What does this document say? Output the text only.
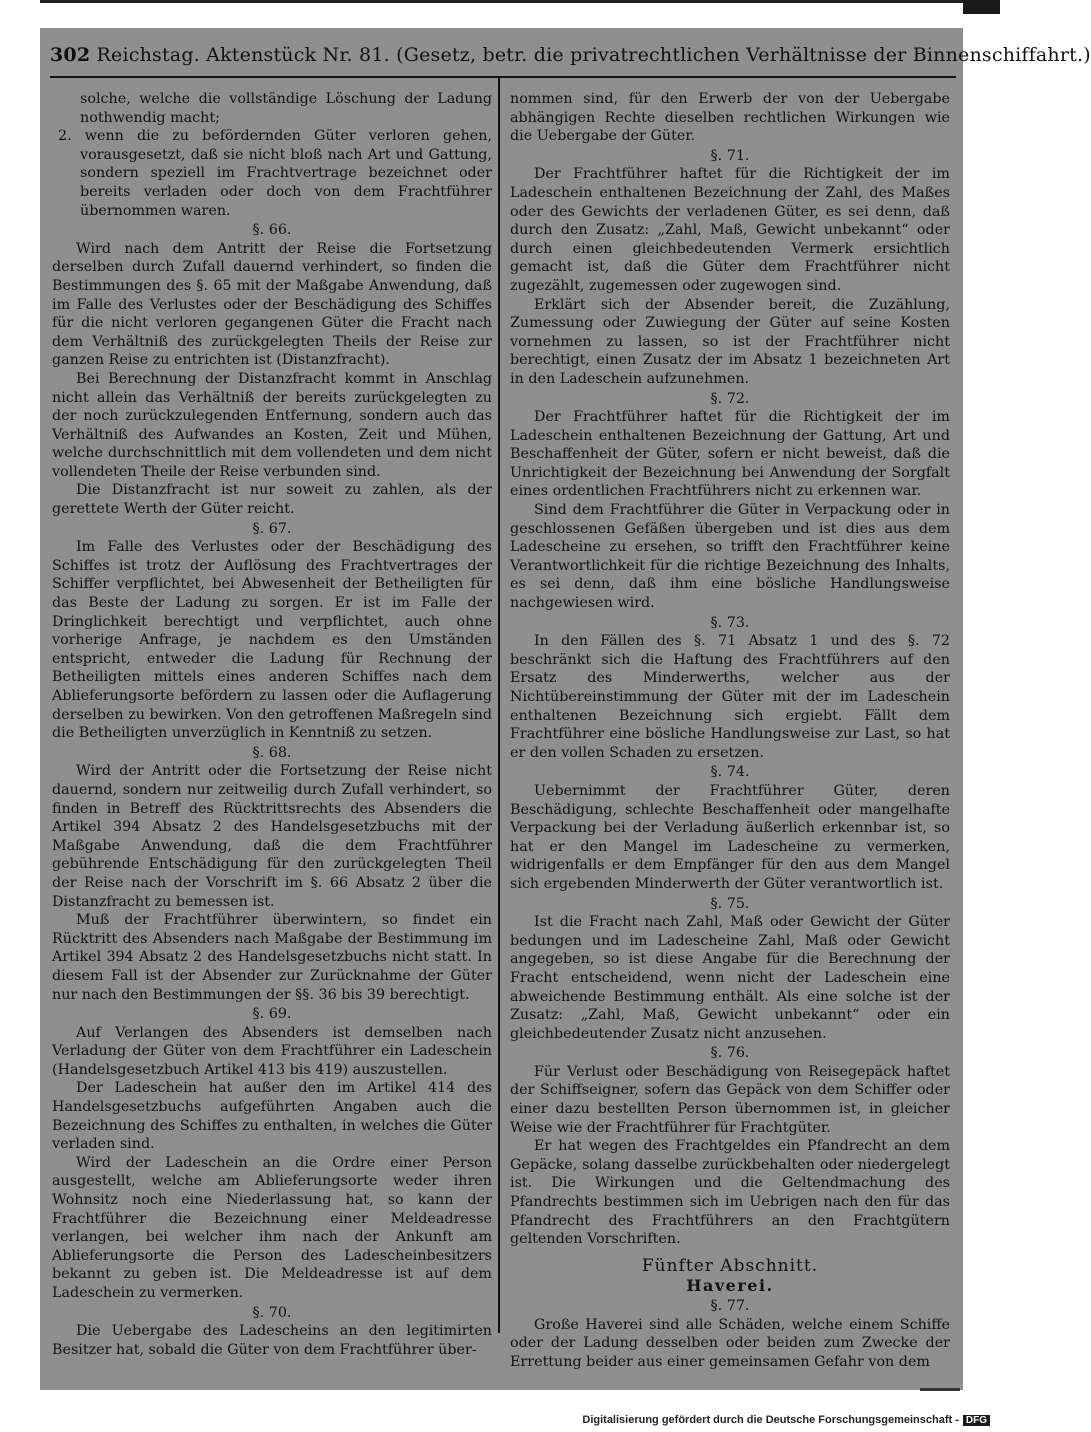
302 Reichstag. Aktenstück Nr. 81. (Gesetz, betr. die privatrechtlichen Verhältnisse der Binnenschiffahrt.)

solche, welche die vollständige Löschung der Ladung nothwendig macht;

2. wenn die zu befördernden Güter verloren gehen, vorausgesetzt, daß sie nicht bloß nach Art und Gattung, sondern speziell im Frachtvertrage bezeichnet oder bereits verladen oder doch von dem Frachtführer übernommen waren.

§. 66.

Wird nach dem Antritt der Reise die Fortsetzung derselben durch Zufall dauernd verhindert, so finden die Bestimmungen des §. 65 mit der Maßgabe Anwendung, daß im Falle des Verlustes oder der Beschädigung des Schiffes für die nicht verloren gegangenen Güter die Fracht nach dem Verhältniß des zurückgelegten Theils der Reise zur ganzen Reise zu entrichten ist (Distanzfracht).

Bei Berechnung der Distanzfracht kommt in Anschlag nicht allein das Verhältniß der bereits zurückgelegten zu der noch zurückzulegenden Entfernung, sondern auch das Verhältniß des Aufwandes an Kosten, Zeit und Mühen, welche durchschnittlich mit dem vollendeten und dem nicht vollendeten Theile der Reise verbunden sind.

Die Distanzfracht ist nur soweit zu zahlen, als der gerettete Werth der Güter reicht.

§. 67.

Im Falle des Verlustes oder der Beschädigung des Schiffes ist trotz der Auflösung des Frachtvertrages der Schiffer verpflichtet, bei Abwesenheit der Betheiligten für das Beste der Ladung zu sorgen. Er ist im Falle der Dringlichkeit berechtigt und verpflichtet, auch ohne vorherige Anfrage, je nachdem es den Umständen entspricht, entweder die Ladung für Rechnung der Betheiligten mittels eines anderen Schiffes nach dem Ablieferungsorte befördern zu lassen oder die Auflagerung derselben zu bewirken. Von den getroffenen Maßregeln sind die Betheiligten unverzüglich in Kenntniß zu setzen.

§. 68.

Wird der Antritt oder die Fortsetzung der Reise nicht dauernd, sondern nur zeitweilig durch Zufall verhindert, so finden in Betreff des Rücktrittsrechts des Absenders die Artikel 394 Absatz 2 des Handelsgesetzbuchs mit der Maßgabe Anwendung, daß die dem Frachtführer gebührende Entschädigung für den zurückgelegten Theil der Reise nach der Vorschrift im §. 66 Absatz 2 über die Distanzfracht zu bemessen ist.

Muß der Frachtführer überwintern, so findet ein Rücktritt des Absenders nach Maßgabe der Bestimmung im Artikel 394 Absatz 2 des Handelsgesetzbuchs nicht statt. In diesem Fall ist der Absender zur Zurücknahme der Güter nur nach den Bestimmungen der §§. 36 bis 39 berechtigt.

§. 69.

Auf Verlangen des Absenders ist demselben nach Verladung der Güter von dem Frachtführer ein Ladeschein (Handelsgesetzbuch Artikel 413 bis 419) auszustellen.

Der Ladeschein hat außer den im Artikel 414 des Handelsgesetzbuchs aufgeführten Angaben auch die Bezeichnung des Schiffes zu enthalten, in welches die Güter verladen sind.

Wird der Ladeschein an die Ordre einer Person ausgestellt, welche am Ablieferungsorte weder ihren Wohnsitz noch eine Niederlassung hat, so kann der Frachtführer die Bezeichnung einer Meldeadresse verlangen, bei welcher ihm nach der Ankunft am Ablieferungsorte die Person des Ladescheinbesitzers bekannt zu geben ist. Die Meldeadresse ist auf dem Ladeschein zu vermerken.

§. 70.

Die Uebergabe des Ladescheins an den legitimirten Besitzer hat, sobald die Güter von dem Frachtführer über-

nommen sind, für den Erwerb der von der Uebergabe abhängigen Rechte dieselben rechtlichen Wirkungen wie die Uebergabe der Güter.

§. 71.

Der Frachtführer haftet für die Richtigkeit der im Ladeschein enthaltenen Bezeichnung der Zahl, des Maßes oder des Gewichts der verladenen Güter, es sei denn, daß durch den Zusatz: „Zahl, Maß, Gewicht unbekannt“ oder durch einen gleichbedeutenden Vermerk ersichtlich gemacht ist, daß die Güter dem Frachtführer nicht zugezählt, zugemessen oder zugewogen sind.

Erklärt sich der Absender bereit, die Zuzählung, Zumessung oder Zuwiegung der Güter auf seine Kosten vornehmen zu lassen, so ist der Frachtführer nicht berechtigt, einen Zusatz der im Absatz 1 bezeichneten Art in den Ladeschein aufzunehmen.

§. 72.

Der Frachtführer haftet für die Richtigkeit der im Ladeschein enthaltenen Bezeichnung der Gattung, Art und Beschaffenheit der Güter, sofern er nicht beweist, daß die Unrichtigkeit der Bezeichnung bei Anwendung der Sorgfalt eines ordentlichen Frachtführers nicht zu erkennen war.

Sind dem Frachtführer die Güter in Verpackung oder in geschlossenen Gefäßen übergeben und ist dies aus dem Ladescheine zu ersehen, so trifft den Frachtführer keine Verantwortlichkeit für die richtige Bezeichnung des Inhalts, es sei denn, daß ihm eine bösliche Handlungsweise nachgewiesen wird.

§. 73.

In den Fällen des §. 71 Absatz 1 und des §. 72 beschränkt sich die Haftung des Frachtführers auf den Ersatz des Minderwerths, welcher aus der Nichtübereinstimmung der Güter mit der im Ladeschein enthaltenen Bezeichnung sich ergiebt. Fällt dem Frachtführer eine bösliche Handlungsweise zur Last, so hat er den vollen Schaden zu ersetzen.

§. 74.

Uebernimmt der Frachtführer Güter, deren Beschädigung, schlechte Beschaffenheit oder mangelhafte Verpackung bei der Verladung äußerlich erkennbar ist, so hat er den Mangel im Ladescheine zu vermerken, widrigenfalls er dem Empfänger für den aus dem Mangel sich ergebenden Minderwerth der Güter verantwortlich ist.

§. 75.

Ist die Fracht nach Zahl, Maß oder Gewicht der Güter bedungen und im Ladescheine Zahl, Maß oder Gewicht angegeben, so ist diese Angabe für die Berechnung der Fracht entscheidend, wenn nicht der Ladeschein eine abweichende Bestimmung enthält. Als eine solche ist der Zusatz: „Zahl, Maß, Gewicht unbekannt“ oder ein gleichbedeutender Zusatz nicht anzusehen.

§. 76.

Für Verlust oder Beschädigung von Reisegepäck haftet der Schiffseigner, sofern das Gepäck von dem Schiffer oder einer dazu bestellten Person übernommen ist, in gleicher Weise wie der Frachtführer für Frachtgüter.

Er hat wegen des Frachtgeldes ein Pfandrecht an dem Gepäcke, solang dasselbe zurückbehalten oder niedergelegt ist. Die Wirkungen und die Geltendmachung des Pfandrechts bestimmen sich im Uebrigen nach den für das Pfandrecht des Frachtführers an den Frachtgütern geltenden Vorschriften.

Fünfter Abschnitt.
Haverei.
§. 77.

Große Haverei sind alle Schäden, welche einem Schiffe oder der Ladung desselben oder beiden zum Zwecke der Errettung beider aus einer gemeinsamen Gefahr von dem

Digitalisierung gefördert durch die Deutsche Forschungsgemeinschaft - DFG
